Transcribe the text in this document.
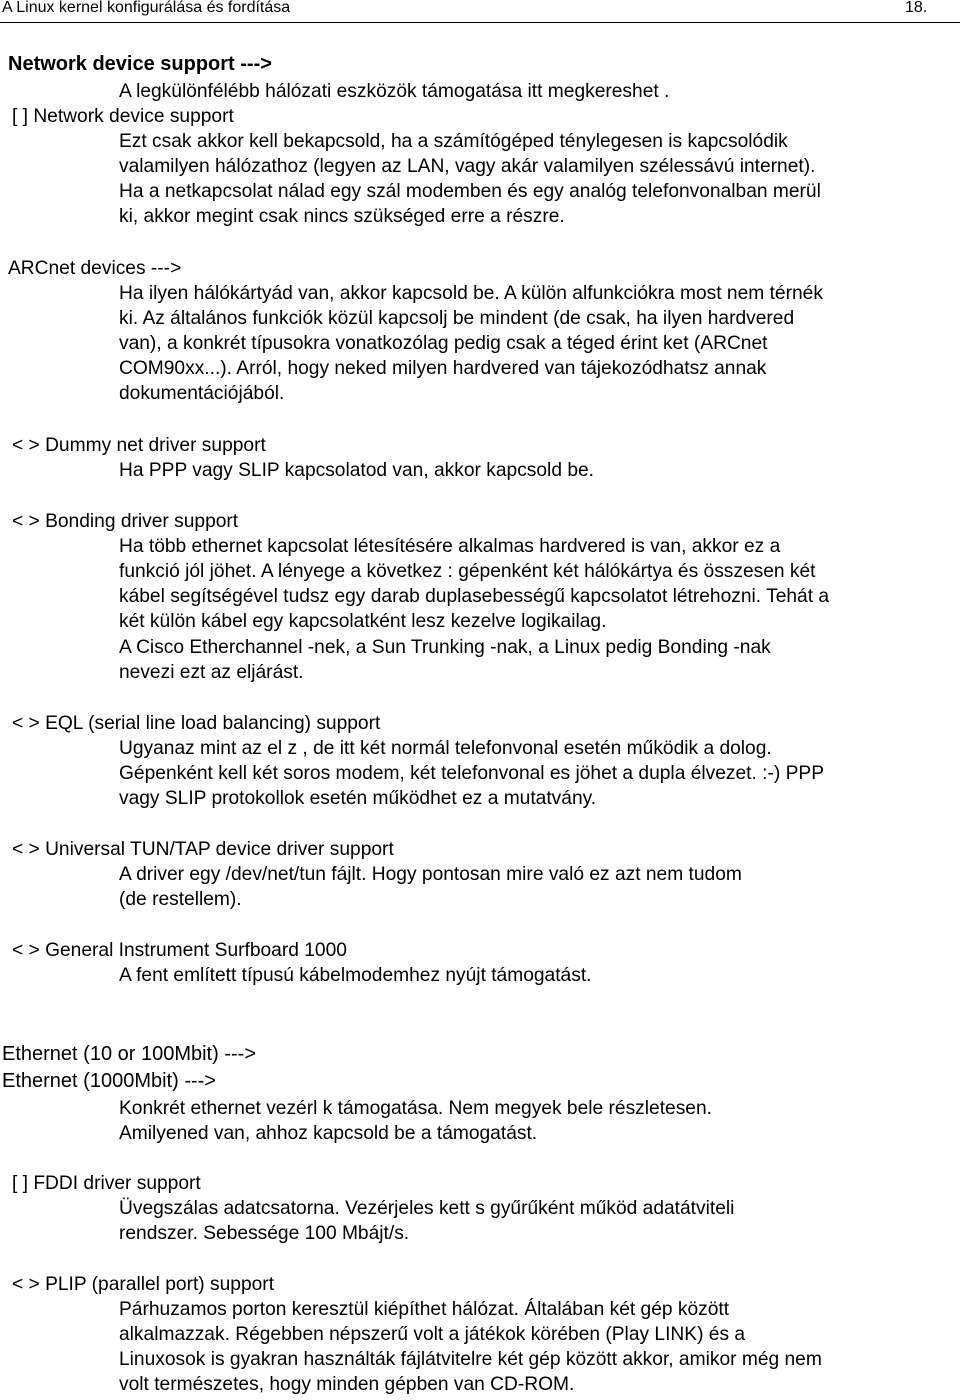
A Linux kernel konfigurálása és fordítása	18.
Network device support --->
A legkülönfélébb hálózati eszközök támogatása itt megkereshet .
[ ] Network device support
Ezt csak akkor kell bekapcsold, ha a számítógéped ténylegesen is kapcsolódik
valamilyen hálózathoz (legyen az LAN, vagy akár valamilyen szélessávú internet).
Ha a netkapcsolat nálad egy szál modemben és egy analóg telefonvonalban merül
ki, akkor megint csak nincs szükséged erre a részre.
ARCnet devices --->
Ha ilyen hálókártyád van, akkor kapcsold be. A külön alfunkciókra most nem térnék
ki. Az általános funkciók közül kapcsolj be mindent (de csak, ha ilyen hardvered
van), a konkrét típusokra vonatkozólag pedig csak a téged érint ket (ARCnet
COM90xx...). Arról, hogy neked milyen hardvered van tájekozódhatsz annak
dokumentációjából.
< > Dummy net driver support
Ha PPP vagy SLIP kapcsolatod van, akkor kapcsold be.
< > Bonding driver support
Ha több ethernet kapcsolat létesítésére alkalmas hardvered is van, akkor ez a
funkció jól jöhet. A lényege a következ : gépenként két hálókártya és összesen két
kábel segítségével tudsz egy darab duplasebességű kapcsolatot létrehozni. Tehát a
két külön kábel egy kapcsolatként lesz kezelve logikailag.
A Cisco Etherchannel -nek, a Sun Trunking -nak, a Linux pedig Bonding -nak
nevezi ezt az eljárást.
< > EQL (serial line load balancing) support
Ugyanaz mint az el z , de itt két normál telefonvonal esetén működik a dolog.
Gépenként kell két soros modem, két telefonvonal es jöhet a dupla élvezet. :-) PPP
vagy SLIP protokollok esetén működhet ez a mutatvány.
< > Universal TUN/TAP device driver support
A driver egy /dev/net/tun fájlt. Hogy pontosan mire való ez azt nem tudom
(de restellem).
< > General Instrument Surfboard 1000
A fent említett típusú kábelmodemhez nyújt támogatást.
Ethernet (10 or 100Mbit) --->
Ethernet (1000Mbit) --->
Konkrét ethernet vezérl k támogatása. Nem megyek bele részletesen.
Amilyened van, ahhoz kapcsold be a támogatást.
[ ] FDDI driver support
Üvegszálas adatcsatorna. Vezérjeles kett s gyűrűként működ adatátviteli
rendszer. Sebessége 100 Mbájt/s.
< > PLIP (parallel port) support
Párhuzamos porton keresztül kiépíthet hálózat. Általában két gép között
alkalmazzak. Régebben népszerű volt a játékok körében (Play LINK) és a
Linuxosok is gyakran használták fájlátvitelre két gép között akkor, amikor még nem
volt természetes, hogy minden gépben van CD-ROM.
